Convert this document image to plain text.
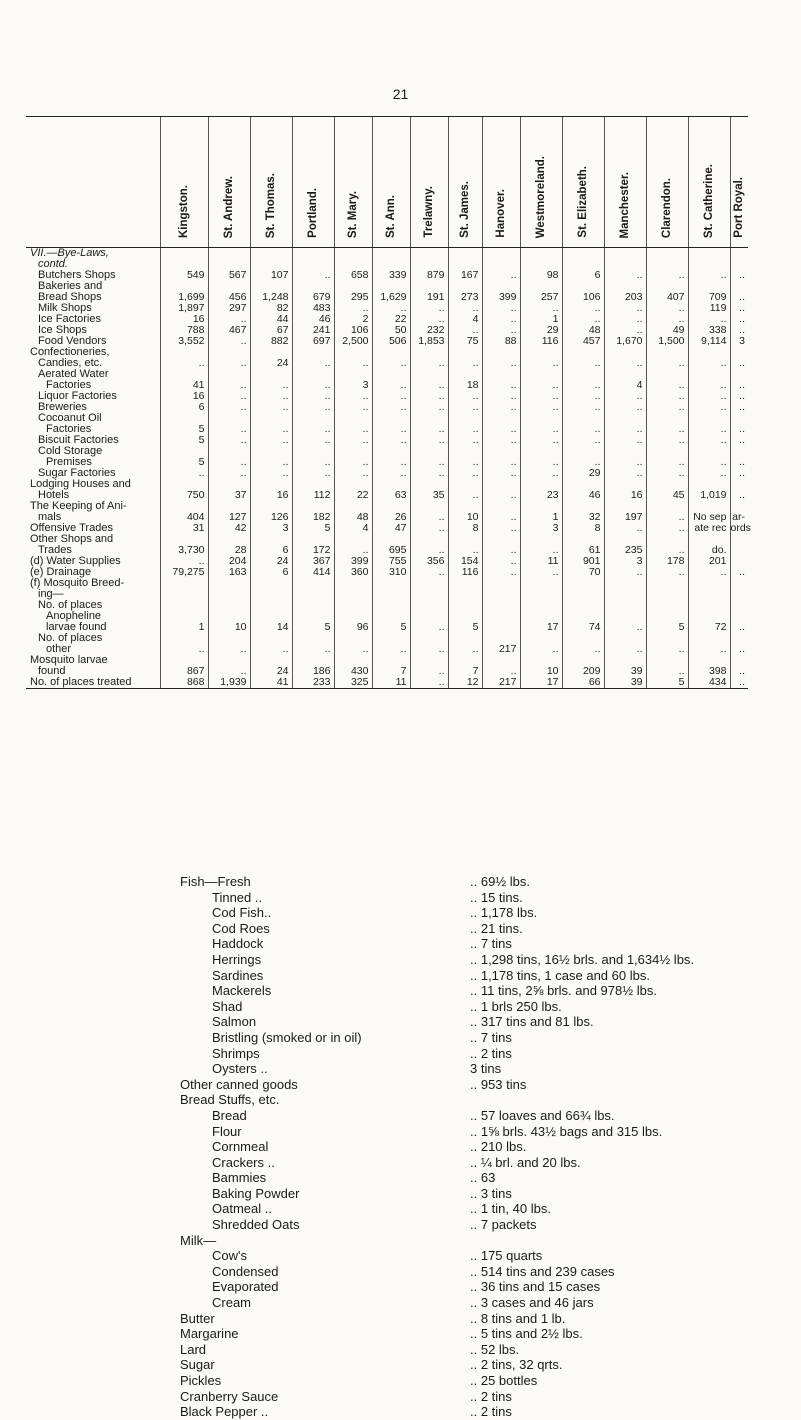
21
	Kingston.	St. Andrew.	St. Thomas.	Portland.	St. Mary.	St. Ann.	Trelawny.	St. James.	Hanover.	Westmoreland.	St. Elizabeth.	Manchester.	Clarendon.	St. Catherine.	Port Royal.
VII.—Bye-Laws,															
contd.															
Butchers Shops	549	567	107	..	658	339	879	167	..	98	6	..	..	..	..
Bakeries and															
Bread Shops	1,699	456	1,248	679	295	1,629	191	273	399	257	106	203	407	709	..
Milk Shops	1,897	297	82	483	..	..	..	..	..	..	..	..	..	119	..
Ice Factories	16	..	44	46	2	22	..	4	..	1	..	..	..	..	..
Ice Shops	788	467	67	241	106	50	232	..	..	29	48	..	49	338	..
Food Vendors	3,552	..	882	697	2,500	506	1,853	75	88	116	457	1,670	1,500	9,114	3
Confectioneries,															
Candies, etc.	..	..	24	..	..	..	..	..	..	..	..	..	..	..	..
Aerated Water															
Factories	41	..	..	..	3	..	..	18	..	..	..	4	..	..	..
Liquor Factories	16	..	..	..	..	..	..	..	..	..	..	..	..	..	..
Breweries	6	..	..	..	..	..	..	..	..	..	..	..	..	..	..
Cocoanut Oil															
Factories	5	..	..	..	..	..	..	..	..	..	..	..	..	..	..
Biscuit Factories	5	..	..	..	..	..	..	..	..	..	..	..	..	..	..
Cold Storage															
Premises	5	..	..	..	..	..	..	..	..	..	..	..	..	..	..
Sugar Factories	..	..	..	..	..	..	..	..	..	..	29	..	..	..	..
Lodging Houses and															
Hotels	750	37	16	112	22	63	35	..	..	23	46	16	45	1,019	..
The Keeping of Ani-															
mals	404	127	126	182	48	26	..	10	..	1	32	197	..	No sep	ar-
Offensive Trades	31	42	3	5	4	47	..	8	..	3	8	..	..	ate rec	ords
Other Shops and															
Trades	3,730	28	6	172	..	695	..	..	..	..	61	235	..	do.	
(d) Water Supplies	..	204	24	367	399	755	356	154	..	11	901	3	178	201	
(e) Drainage	79,275	163	6	414	360	310	..	116	..	..	70	..	..	..	..
(f) Mosquito Breed-															
ing—															
No. of places															
Anopheline															
larvae found	1	10	14	5	96	5	..	5		17	74	..	5	72	..
No. of places															
other	..	..	..	..	..	..	..	..	217	..	..	..	..	..	..
Mosquito larvae															
found	867	..	24	186	430	7	..	7	..	10	209	39	..	398	..
No. of places treated	868	1,939	41	233	325	11	..	12	217	17	66	39	5	434	..
Fish—Fresh	.. 69½ lbs.
Tinned ..	.. 15 tins.
Cod Fish..	.. 1,178 lbs.
Cod Roes	.. 21 tins.
Haddock	.. 7 tins
Herrings	.. 1,298 tins, 16½ brls. and 1,634½ lbs.
Sardines	.. 1,178 tins, 1 case and 60 lbs.
Mackerels	.. 11 tins, 2⅝ brls. and 978½ lbs.
Shad	.. 1 brls 250 lbs.
Salmon	.. 317 tins and 81 lbs.
Bristling (smoked or in oil)	.. 7 tins
Shrimps	.. 2 tins
Oysters ..	3 tins
Other canned goods	.. 953 tins
Bread Stuffs, etc.
Bread	.. 57 loaves and 66¾ lbs.
Flour	.. 1⅝ brls. 43½ bags and 315 lbs.
Cornmeal	.. 210 lbs.
Crackers ..	.. ¼ brl. and 20 lbs.
Bammies	.. 63
Baking Powder	.. 3 tins
Oatmeal ..	.. 1 tin, 40 lbs.
Shredded Oats	.. 7 packets
Milk—
Cow's	.. 175 quarts
Condensed	.. 514 tins and 239 cases
Evaporated	.. 36 tins and 15 cases
Cream	.. 3 cases and 46 jars
Butter	.. 8 tins and 1 lb.
Margarine	.. 5 tins and 2½ lbs.
Lard	.. 52 lbs.
Sugar	.. 2 tins, 32 qrts.
Pickles	.. 25 bottles
Cranberry Sauce	.. 2 tins
Black Pepper ..	.. 2 tins
